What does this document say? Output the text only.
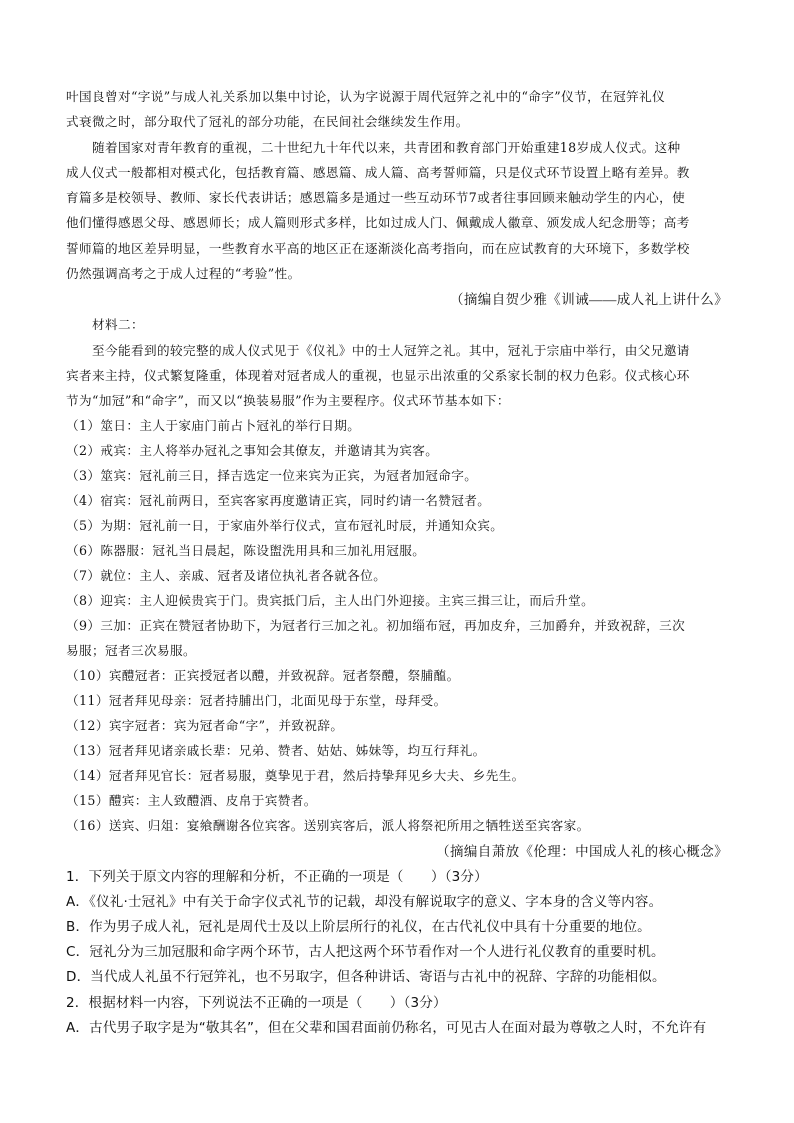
叶国良曾对“字说”与成人礼关系加以集中讨论，认为字说源于周代冠笄之礼中的“命字”仪节，在冠笄礼仪
式衰微之时，部分取代了冠礼的部分功能，在民间社会继续发生作用。
随着国家对青年教育的重视，二十世纪九十年代以来，共青团和教育部门开始重建18岁成人仪式。这种
成人仪式一般都相对模式化，包括教育篇、感恩篇、成人篇、高考誓师篇，只是仪式环节设置上略有差异。教
育篇多是校领导、教师、家长代表讲话；感恩篇多是通过一些互动环节7或者往事回顾来触动学生的内心，使
他们懂得感恩父母、感恩师长；成人篇则形式多样，比如过成人门、佩戴成人徽章、颁发成人纪念册等；高考
誓师篇的地区差异明显，一些教育水平高的地区正在逐渐淡化高考指向，而在应试教育的大环境下，多数学校
仍然强调高考之于成人过程的“考验”性。
（摘编自贺少雅《训诫——成人礼上讲什么》
材料二：
至今能看到的较完整的成人仪式见于《仪礼》中的士人冠笄之礼。其中，冠礼于宗庙中举行，由父兄邀请
宾者来主持，仪式繁复隆重，体现着对冠者成人的重视，也显示出浓重的父系家长制的权力色彩。仪式核心环
节为“加冠”和“命字”，而又以“换装易服”作为主要程序。仪式环节基本如下：
（1）筮日：主人于家庙门前占卜冠礼的举行日期。
（2）戒宾：主人将举办冠礼之事知会其僚友，并邀请其为宾客。
（3）筮宾：冠礼前三日，择吉选定一位来宾为正宾，为冠者加冠命字。
（4）宿宾：冠礼前两日，至宾客家再度邀请正宾，同时约请一名赞冠者。
（5）为期：冠礼前一日，于家庙外举行仪式，宣布冠礼时辰，并通知众宾。
（6）陈器服：冠礼当日晨起，陈设盥洗用具和三加礼用冠服。
（7）就位：主人、亲戚、冠者及诸位执礼者各就各位。
（8）迎宾：主人迎候贵宾于门。贵宾抵门后，主人出门外迎接。主宾三揖三让，而后升堂。
（9）三加：正宾在赞冠者协助下，为冠者行三加之礼。初加缁布冠，再加皮弁，三加爵弁，并致祝辞，三次
易服；冠者三次易服。
（10）宾醴冠者：正宾授冠者以醴，并致祝辞。冠者祭醴，祭脯醢。
（11）冠者拜见母亲：冠者持脯出门，北面见母于东堂，母拜受。
（12）宾字冠者：宾为冠者命“字”，并致祝辞。
（13）冠者拜见诸亲戚长辈：兄弟、赞者、姑姑、姊妹等，均互行拜礼。
（14）冠者拜见官长：冠者易服，奠挚见于君，然后持挚拜见乡大夫、乡先生。
（15）醴宾：主人致醴酒、皮帛于宾赞者。
（16）送宾、归俎：宴飨酬谢各位宾客。送别宾客后，派人将祭祀所用之牺牲送至宾客家。
（摘编自萧放《伦理：中国成人礼的核心概念》
1．下列关于原文内容的理解和分析，不正确的一项是（　　）（3分）
A．《仪礼·士冠礼》中有关于命字仪式礼节的记载，却没有解说取字的意义、字本身的含义等内容。
B．作为男子成人礼，冠礼是周代士及以上阶层所行的礼仪，在古代礼仪中具有十分重要的地位。
C．冠礼分为三加冠服和命字两个环节，古人把这两个环节看作对一个人进行礼仪教育的重要时机。
D．当代成人礼虽不行冠笄礼，也不另取字，但各种讲话、寄语与古礼中的祝辞、字辞的功能相似。
2．根据材料一内容，下列说法不正确的一项是（　　）（3分）
A．古代男子取字是为“敬其名”，但在父辈和国君面前仍称名，可见古人在面对最为尊敬之人时，不允许有
